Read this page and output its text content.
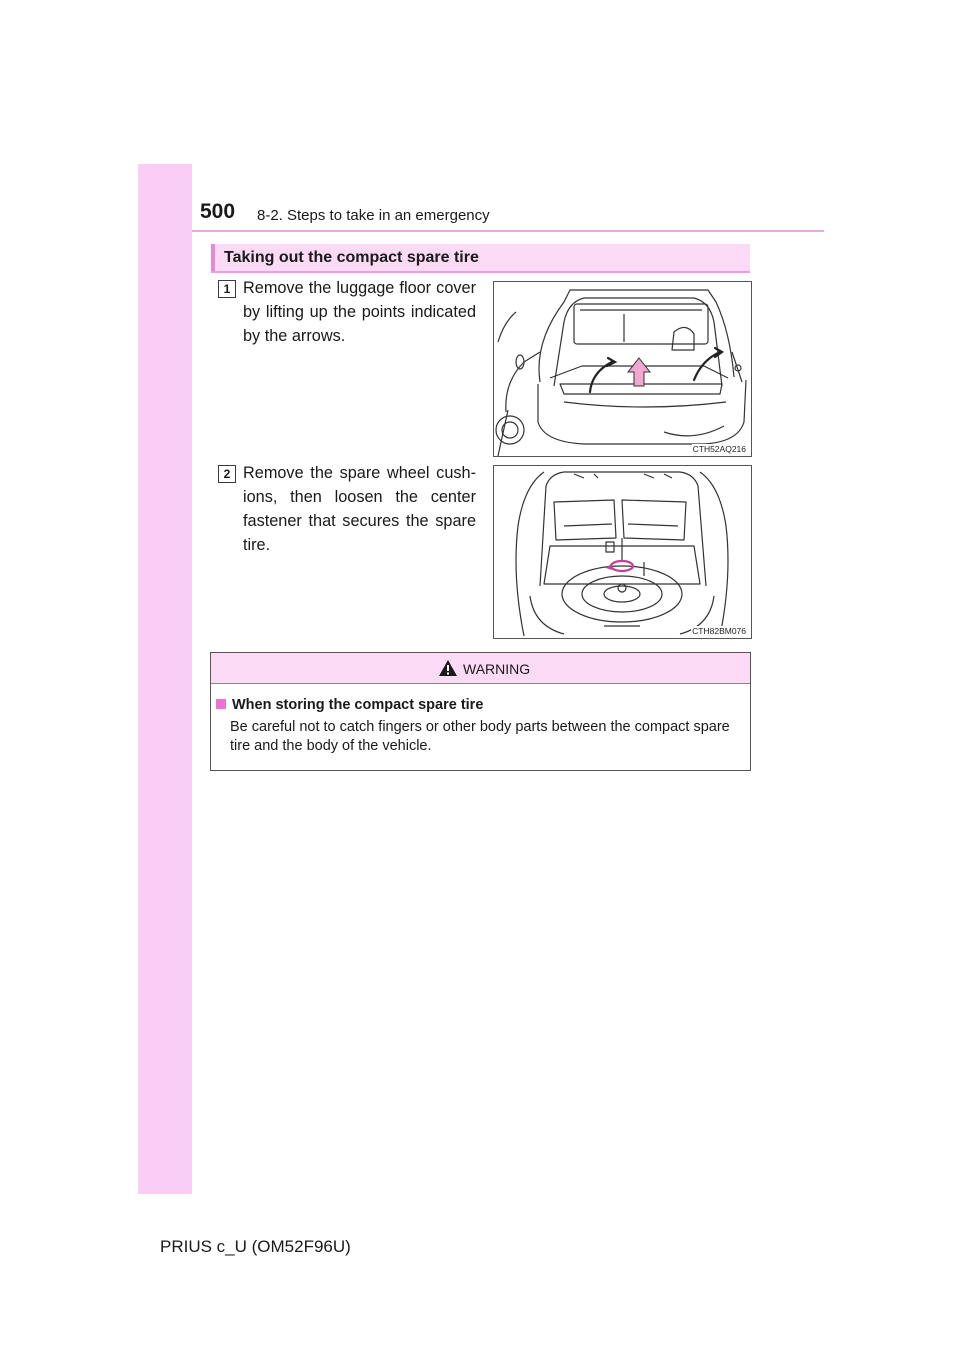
500 8-2. Steps to take in an emergency
Taking out the compact spare tire
1 Remove the luggage floor cover by lifting up the points indicated by the arrows.
CTH52AQ216
2 Remove the spare wheel cush-ions, then loosen the center fastener that secures the spare tire.
CTH82BM076
WARNING
When storing the compact spare tire
Be careful not to catch fingers or other body parts between the compact spare tire and the body of the vehicle.
PRIUS c_U (OM52F96U)
